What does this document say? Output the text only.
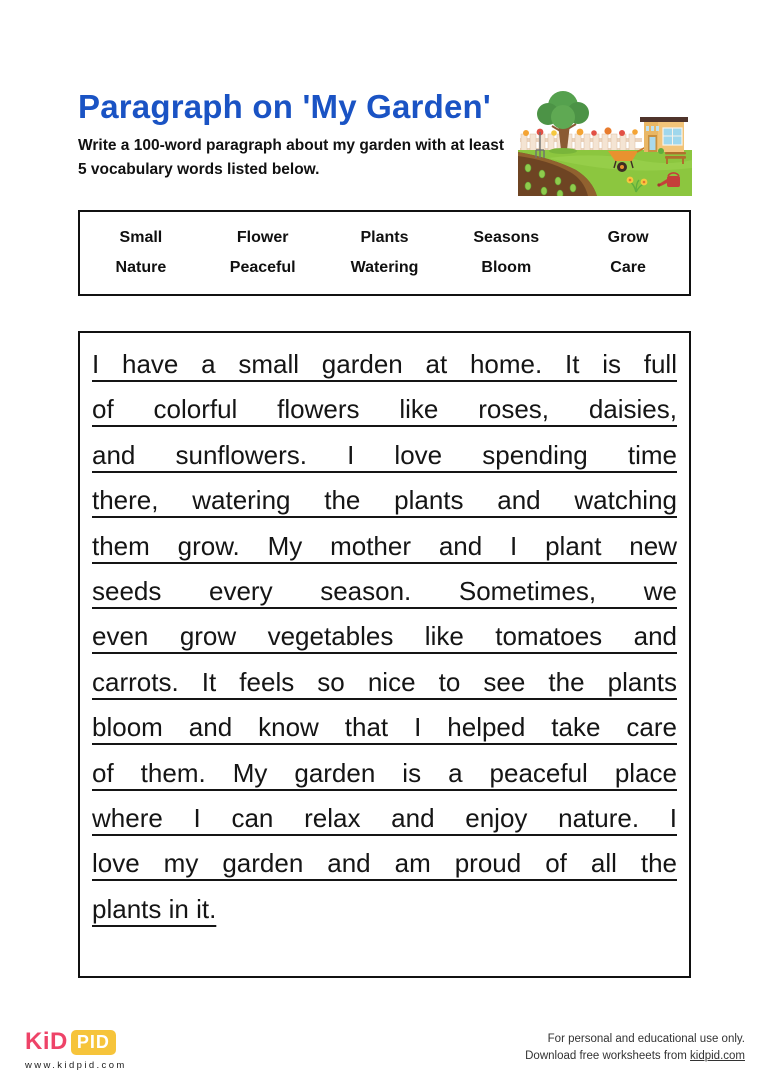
Paragraph on 'My Garden'
Write a 100-word paragraph about my garden with at least
5 vocabulary words listed below.
Small	Flower	Plants	Seasons	Grow
Nature	Peaceful	Watering	Bloom	Care
I have a small garden at home. It is full
of colorful flowers like roses, daisies,
and sunflowers. I love spending time
there, watering the plants and watching
them grow. My mother and I plant new
seeds every season. Sometimes, we
even grow vegetables like tomatoes and
carrots. It feels so nice to see the plants
bloom and know that I helped take care
of them. My garden is a peaceful place
where I can relax and enjoy nature. I
love my garden and am proud of all the
plants in it.
KiD PID
www.kidpid.com
For personal and educational use only.
Download free worksheets from kidpid.com
